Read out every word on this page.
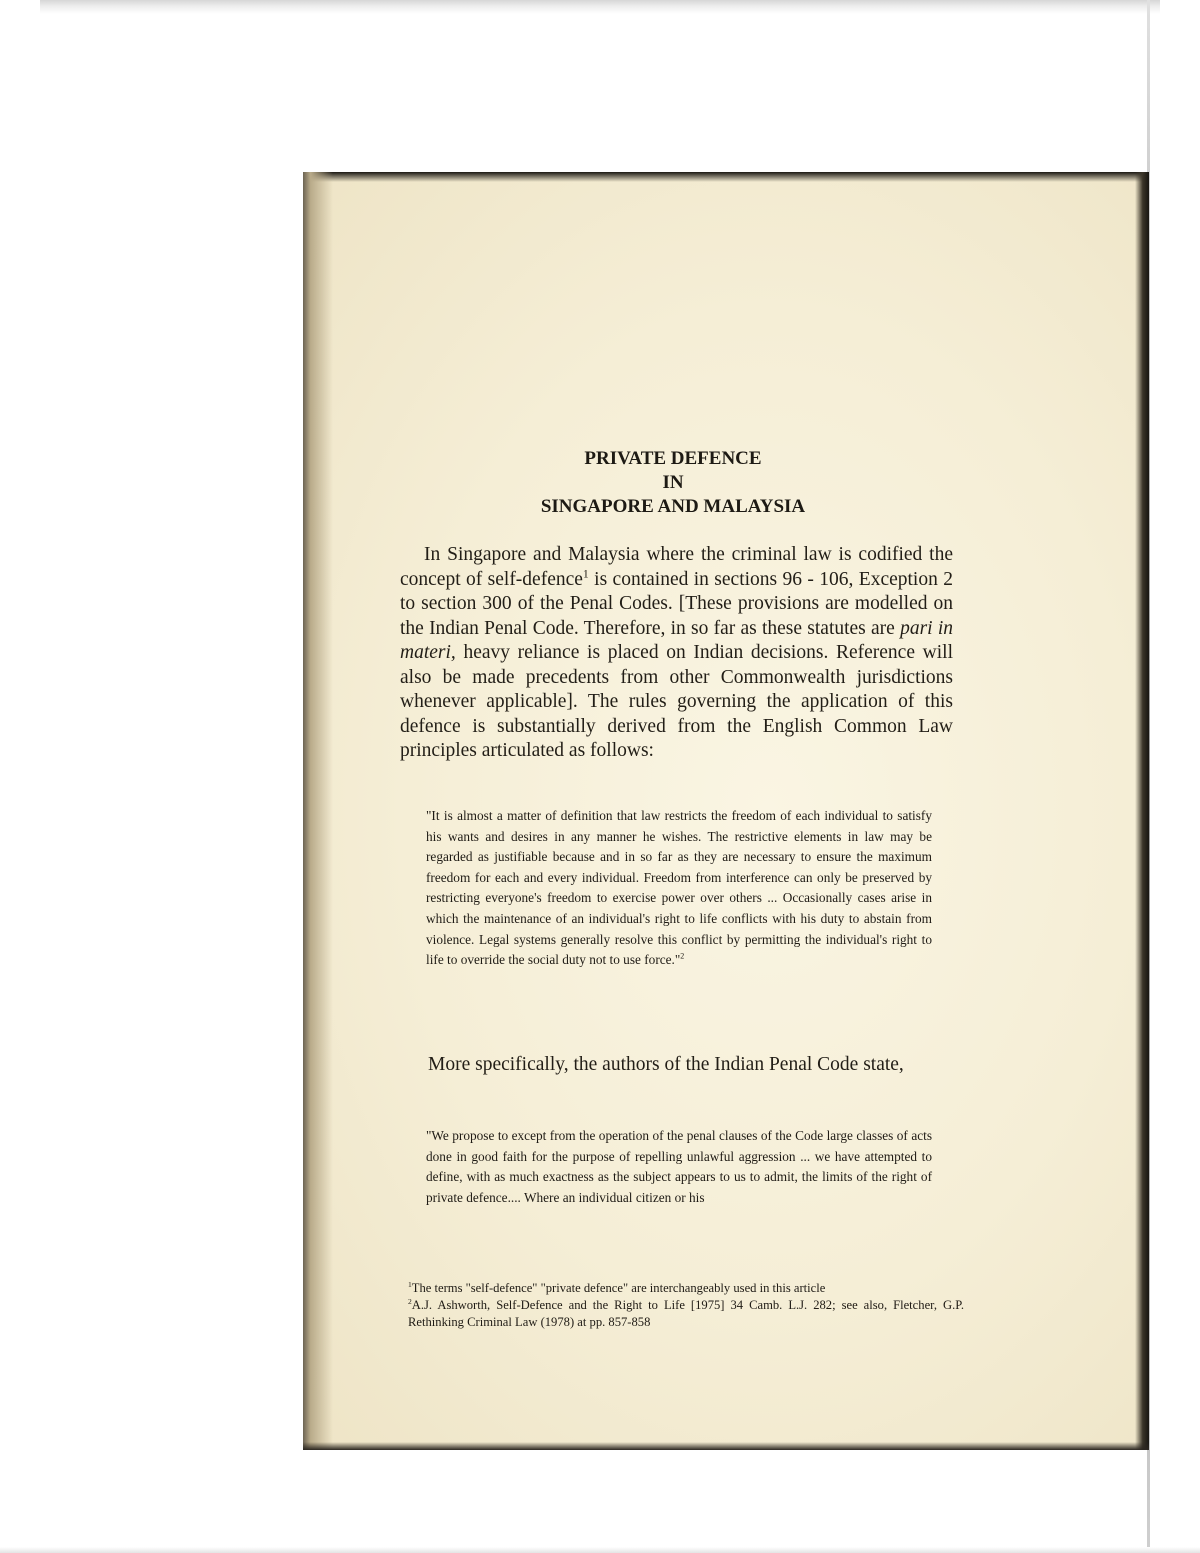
PRIVATE DEFENCE
IN
SINGAPORE AND MALAYSIA

In Singapore and Malaysia where the criminal law is codified the concept of self-defence$^1$ is contained in sections 96 - 106, Exception 2 to section 300 of the Penal Codes. [These provisions are modelled on the Indian Penal Code. Therefore, in so far as these statutes are pari in materi, heavy reliance is placed on Indian decisions. Reference will also be made precedents from other Commonwealth jurisdictions whenever applicable]. The rules governing the application of this defence is substantially derived from the English Common Law principles articulated as follows:

"It is almost a matter of definition that law restricts the freedom of each individual to satisfy his wants and desires in any manner he wishes. The restrictive elements in law may be regarded as justifiable because and in so far as they are necessary to ensure the maximum freedom for each and every individual. Freedom from interference can only be preserved by restricting everyone's freedom to exercise power over others ... Occasionally cases arise in which the maintenance of an individual's right to life conflicts with his duty to abstain from violence. Legal systems generally resolve this conflict by permitting the individual's right to life to override the social duty not to use force."$^2$

More specifically, the authors of the Indian Penal Code state,

"We propose to except from the operation of the penal clauses of the Code large classes of acts done in good faith for the purpose of repelling unlawful aggression ... we have attempted to define, with as much exactness as the subject appears to us to admit, the limits of the right of private defence.... Where an individual citizen or his

$^1$The terms "self-defence" "private defence" are interchangeably used in this article
$^2$A.J. Ashworth, Self-Defence and the Right to Life [1975] 34 Camb. L.J. 282; see also, Fletcher, G.P. Rethinking Criminal Law (1978) at pp. 857-858
